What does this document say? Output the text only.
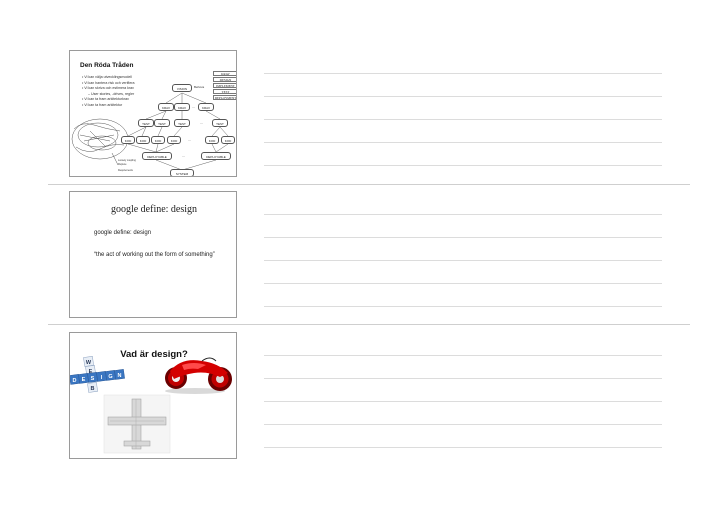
Den Röda Tråden
• Vi kan välja utvecklingsmodell
• Vi kan hantera risk och verifiera
• Vi kan skriva och estimera krav
– User stories, -drives, regler
• Vi kan ta fram arkitekturkrav
• Vi kan ta fram arkitektur
KRAV
DESIGN
IMPLEMENT
TEST
DEPLOYMENT
VISION	Behöva
KRAV	KRAV	...	KRAV
TEST	TEST	TEST	...	TEST
KOD	KOD	KOD	KOD	...	KOD	KOD
DEPLOYABLE	...	DEPLOYABLE
SYSTEM
Loosely coupling
Rupture
Requirements
google define: design
google define: design
“the act of working out the form of something”
Vad är design?
W
E
B
D E S I G N
